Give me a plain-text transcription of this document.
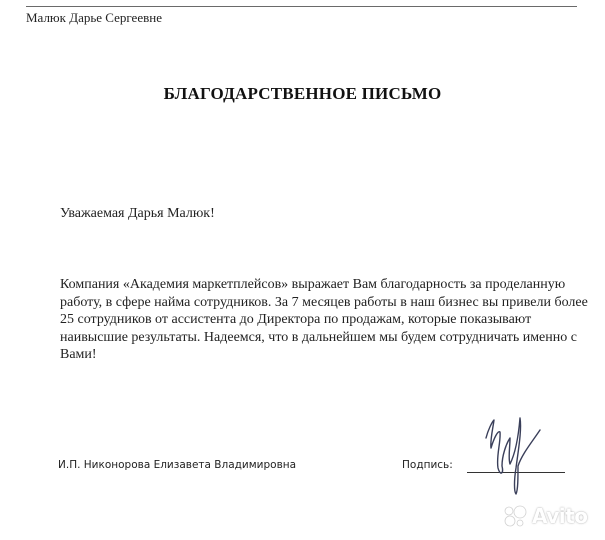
Малюк Дарье Сергеевне
БЛАГОДАРСТВЕННОЕ ПИСЬМО
Уважаемая Дарья Малюк!
Компания «Академия маркетплейсов» выражает Вам благодарность за проделанную
работу, в сфере найма сотрудников. За 7 месяцев работы в наш бизнес вы привели более
25 сотрудников от ассистента до Директора по продажам, которые показывают
наивысшие результаты. Надеемся, что в дальнейшем мы будем сотрудничать именно с
Вами!
И.П. Никонорова Елизавета Владимировна	Подпись:
Avito
